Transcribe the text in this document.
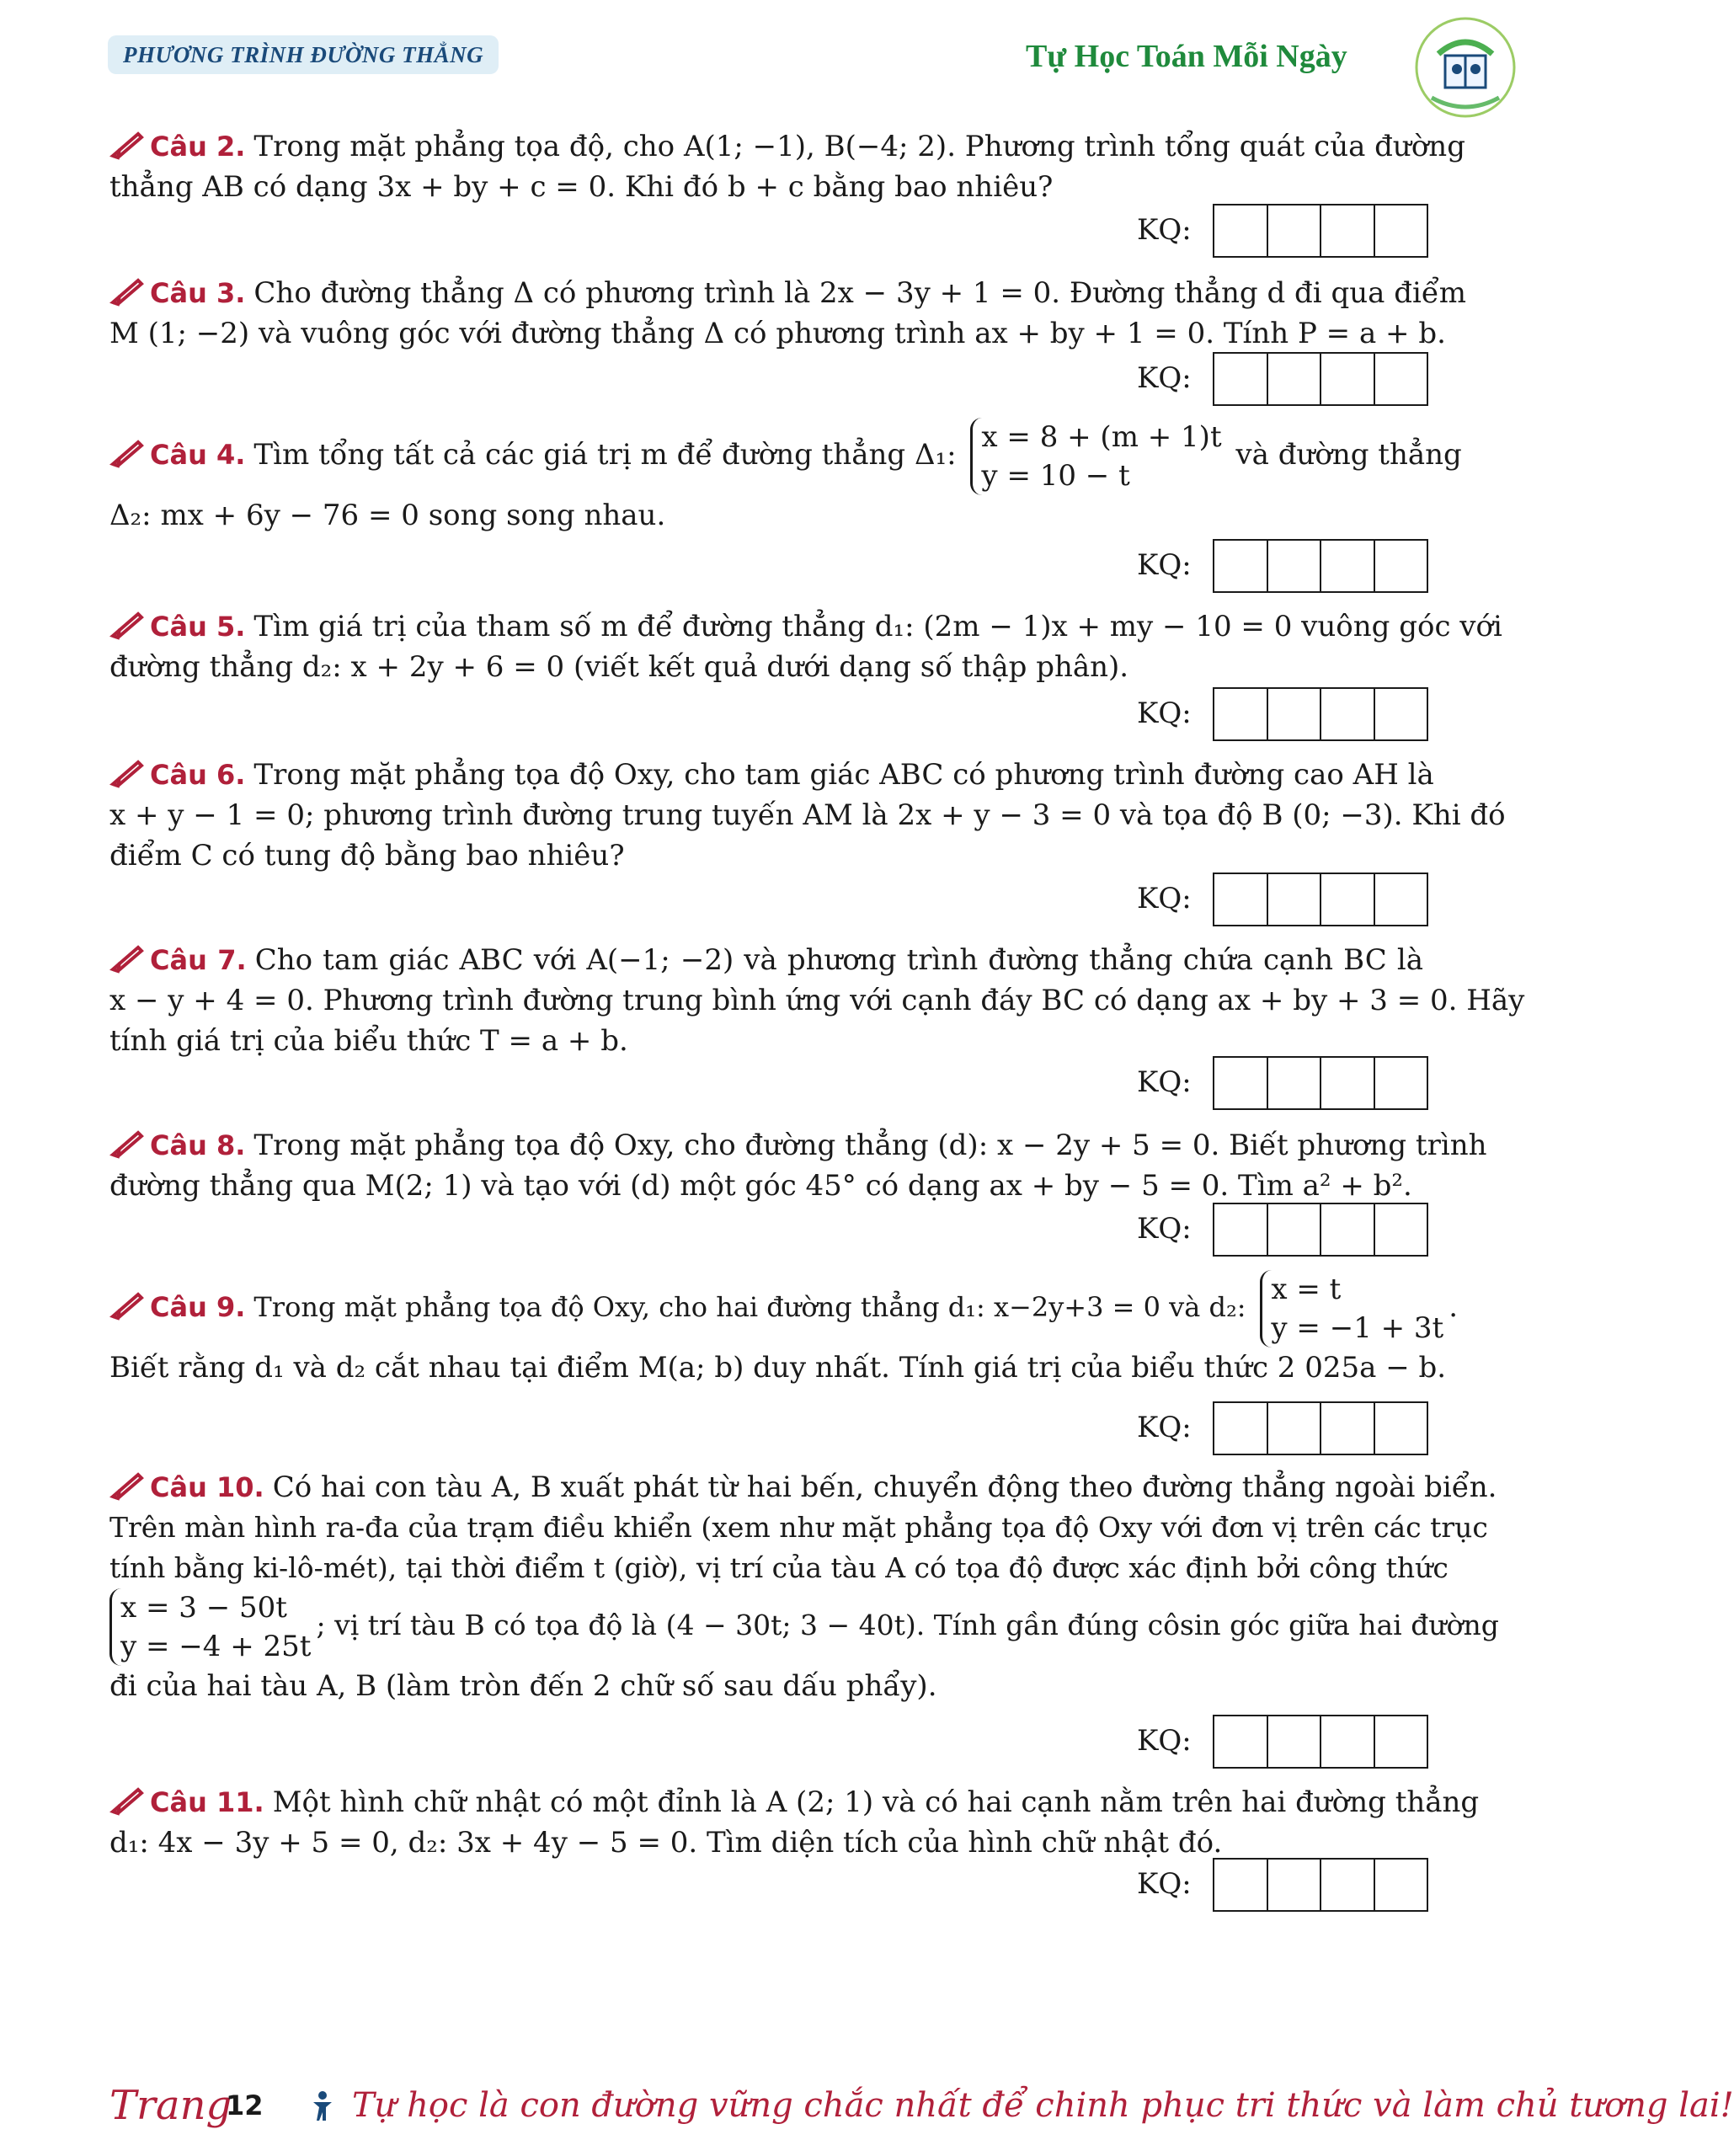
PHƯƠNG TRÌNH ĐƯỜNG THẲNG	Tự Học Toán Mỗi Ngày
Câu 2. Trong mặt phẳng tọa độ, cho A(1; −1), B(−4; 2). Phương trình tổng quát của đường
thẳng AB có dạng 3x + by + c = 0. Khi đó b + c bằng bao nhiêu?
KQ:
Câu 3. Cho đường thẳng Δ có phương trình là 2x − 3y + 1 = 0. Đường thẳng d đi qua điểm
M (1; −2) và vuông góc với đường thẳng Δ có phương trình ax + by + 1 = 0. Tính P = a + b.
KQ:
Câu 4. Tìm tổng tất cả các giá trị m để đường thẳng Δ₁:
x = 8 + (m + 1)t
y = 10 − t
và đường thẳng
Δ₂: mx + 6y − 76 = 0 song song nhau.
KQ:
Câu 5. Tìm giá trị của tham số m để đường thẳng d₁: (2m − 1)x + my − 10 = 0 vuông góc với
đường thẳng d₂: x + 2y + 6 = 0 (viết kết quả dưới dạng số thập phân).
KQ:
Câu 6. Trong mặt phẳng tọa độ Oxy, cho tam giác ABC có phương trình đường cao AH là
x + y − 1 = 0; phương trình đường trung tuyến AM là 2x + y − 3 = 0 và tọa độ B (0; −3). Khi đó
điểm C có tung độ bằng bao nhiêu?
KQ:
Câu 7. Cho tam giác ABC với A(−1; −2) và phương trình đường thẳng chứa cạnh BC là
x − y + 4 = 0. Phương trình đường trung bình ứng với cạnh đáy BC có dạng ax + by + 3 = 0. Hãy
tính giá trị của biểu thức T = a + b.
KQ:
Câu 8. Trong mặt phẳng tọa độ Oxy, cho đường thẳng (d): x − 2y + 5 = 0. Biết phương trình
đường thẳng qua M(2; 1) và tạo với (d) một góc 45° có dạng ax + by − 5 = 0. Tìm a² + b².
KQ:
Câu 9. Trong mặt phẳng tọa độ Oxy, cho hai đường thẳng d₁: x−2y+3 = 0 và d₂:
x = t
y = −1 + 3t
.
Biết rằng d₁ và d₂ cắt nhau tại điểm M(a; b) duy nhất. Tính giá trị của biểu thức 2 025a − b.
KQ:
Câu 10. Có hai con tàu A, B xuất phát từ hai bến, chuyển động theo đường thẳng ngoài biển.
Trên màn hình ra-đa của trạm điều khiển (xem như mặt phẳng tọa độ Oxy với đơn vị trên các trục
tính bằng ki-lô-mét), tại thời điểm t (giờ), vị trí của tàu A có tọa độ được xác định bởi công thức
x = 3 − 50t
y = −4 + 25t
; vị trí tàu B có tọa độ là (4 − 30t; 3 − 40t). Tính gần đúng côsin góc giữa hai đường
đi của hai tàu A, B (làm tròn đến 2 chữ số sau dấu phẩy).
KQ:
Câu 11. Một hình chữ nhật có một đỉnh là A (2; 1) và có hai cạnh nằm trên hai đường thẳng
d₁: 4x − 3y + 5 = 0, d₂: 3x + 4y − 5 = 0. Tìm diện tích của hình chữ nhật đó.
KQ:
Trang
12	Tự học là con đường vững chắc nhất để chinh phục tri thức và làm chủ tương lai!
